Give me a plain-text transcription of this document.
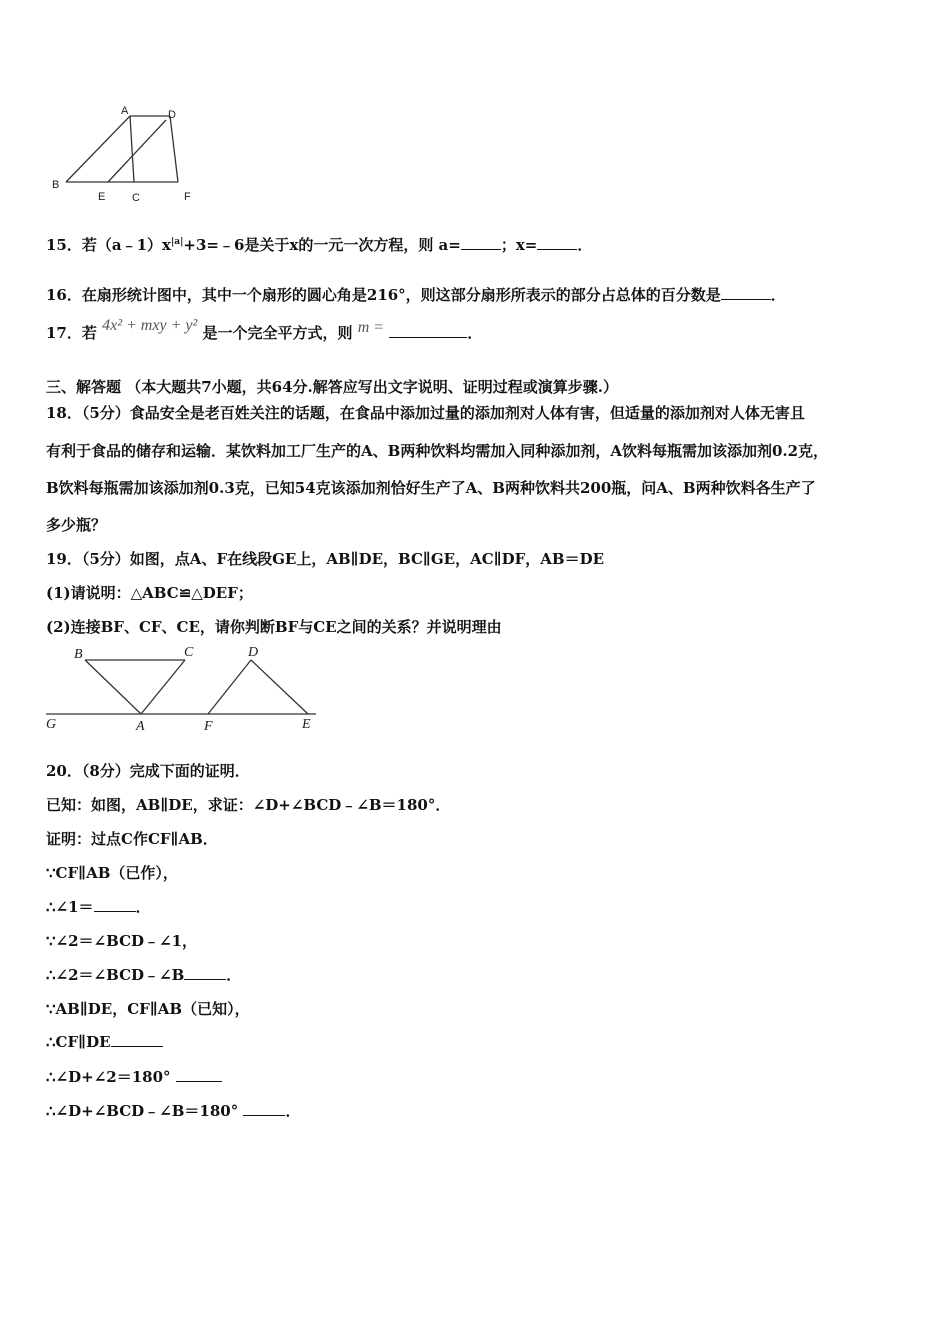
A	D
B
E C	F
15．若$(a﹣1)x^{|a|}+3=﹣6$是关于x的一元一次方程，则 a=	；x=	．
16．在扇形统计图中，其中一个扇形的圆心角是216°，则这部分扇形所表示的部分占总体的百分数是	．
17．若 4x² + mxy + y² 是一个完全平方式，则 m =	．
三、解答题 （本大题共7小题，共64分.解答应写出文字说明、证明过程或演算步骤.）
18．（5分）食品安全是老百姓关注的话题，在食品中添加过量的添加剂对人体有害，但适量的添加剂对人体无害且
有利于食品的储存和运输．某饮料加工厂生产的A、B两种饮料均需加入同种添加剂，A饮料每瓶需加该添加剂0.2克，
B饮料每瓶需加该添加剂0.3克，已知54克该添加剂恰好生产了A、B两种饮料共200瓶，问A、B两种饮料各生产了
多少瓶？
19．（5分）如图，点A、F在线段GE上，AB∥DE，BC∥GE，AC∥DF，AB＝DE
(1)请说明：△ABC≌△DEF；
(2)连接BF、CF、CE，请你判断BF与CE之间的关系？并说明理由
B	C	D
G	A	F	E
20．（8分）完成下面的证明．
已知：如图，AB∥DE，求证：∠D+∠BCD﹣∠B＝180°．
证明：过点C作CF∥AB．
∵CF∥AB（已作），
∴∠1＝	．
∵∠2＝∠BCD﹣∠1，
∴∠2＝∠BCD﹣∠B	．
∵AB∥DE，CF∥AB（已知），
∴CF∥DE
∴∠D+∠2＝180°
∴∠D+∠BCD﹣∠B＝180°	．
